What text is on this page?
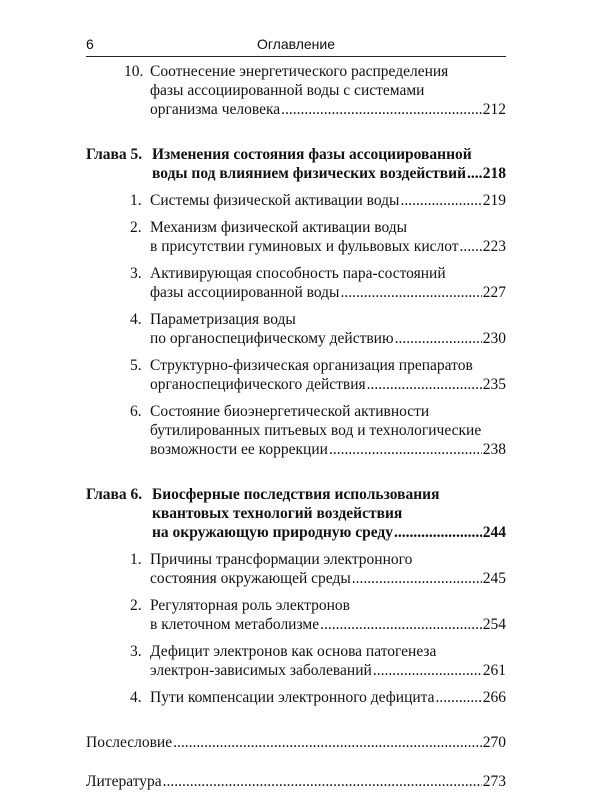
6	Оглавление
10. Соотнесение энергетического распределения
фазы ассоциированной воды с системами
организма человека .....	212
Глава 5. Изменения состояния фазы ассоциированной
воды под влиянием физических воздействий ..... 218
1. Системы физической активации воды .....	219
2. Механизм физической активации воды
в присутствии гуминовых и фульвовых кислот ..... 223
3. Активирующая способность пара-состояний
фазы ассоциированной воды .....	227
4. Параметризация воды
по органоспецифическому действию .....	230
5. Структурно-физическая организация препаратов
органоспецифического действия .....	235
6. Состояние биоэнергетической активности
бутилированных питьевых вод и технологические
возможности ее коррекции .....	238
Глава 6. Биосферные последствия использования
квантовых технологий воздействия
на окружающую природную среду .....	244
1. Причины трансформации электронного
состояния окружающей среды .....	245
2. Регуляторная роль электронов
в клеточном метаболизме .....	254
3. Дефицит электронов как основа патогенеза
электрон-зависимых заболеваний .....	261
4. Пути компенсации электронного дефицита .....	266
Послесловие .....	270
Литература .....	273
